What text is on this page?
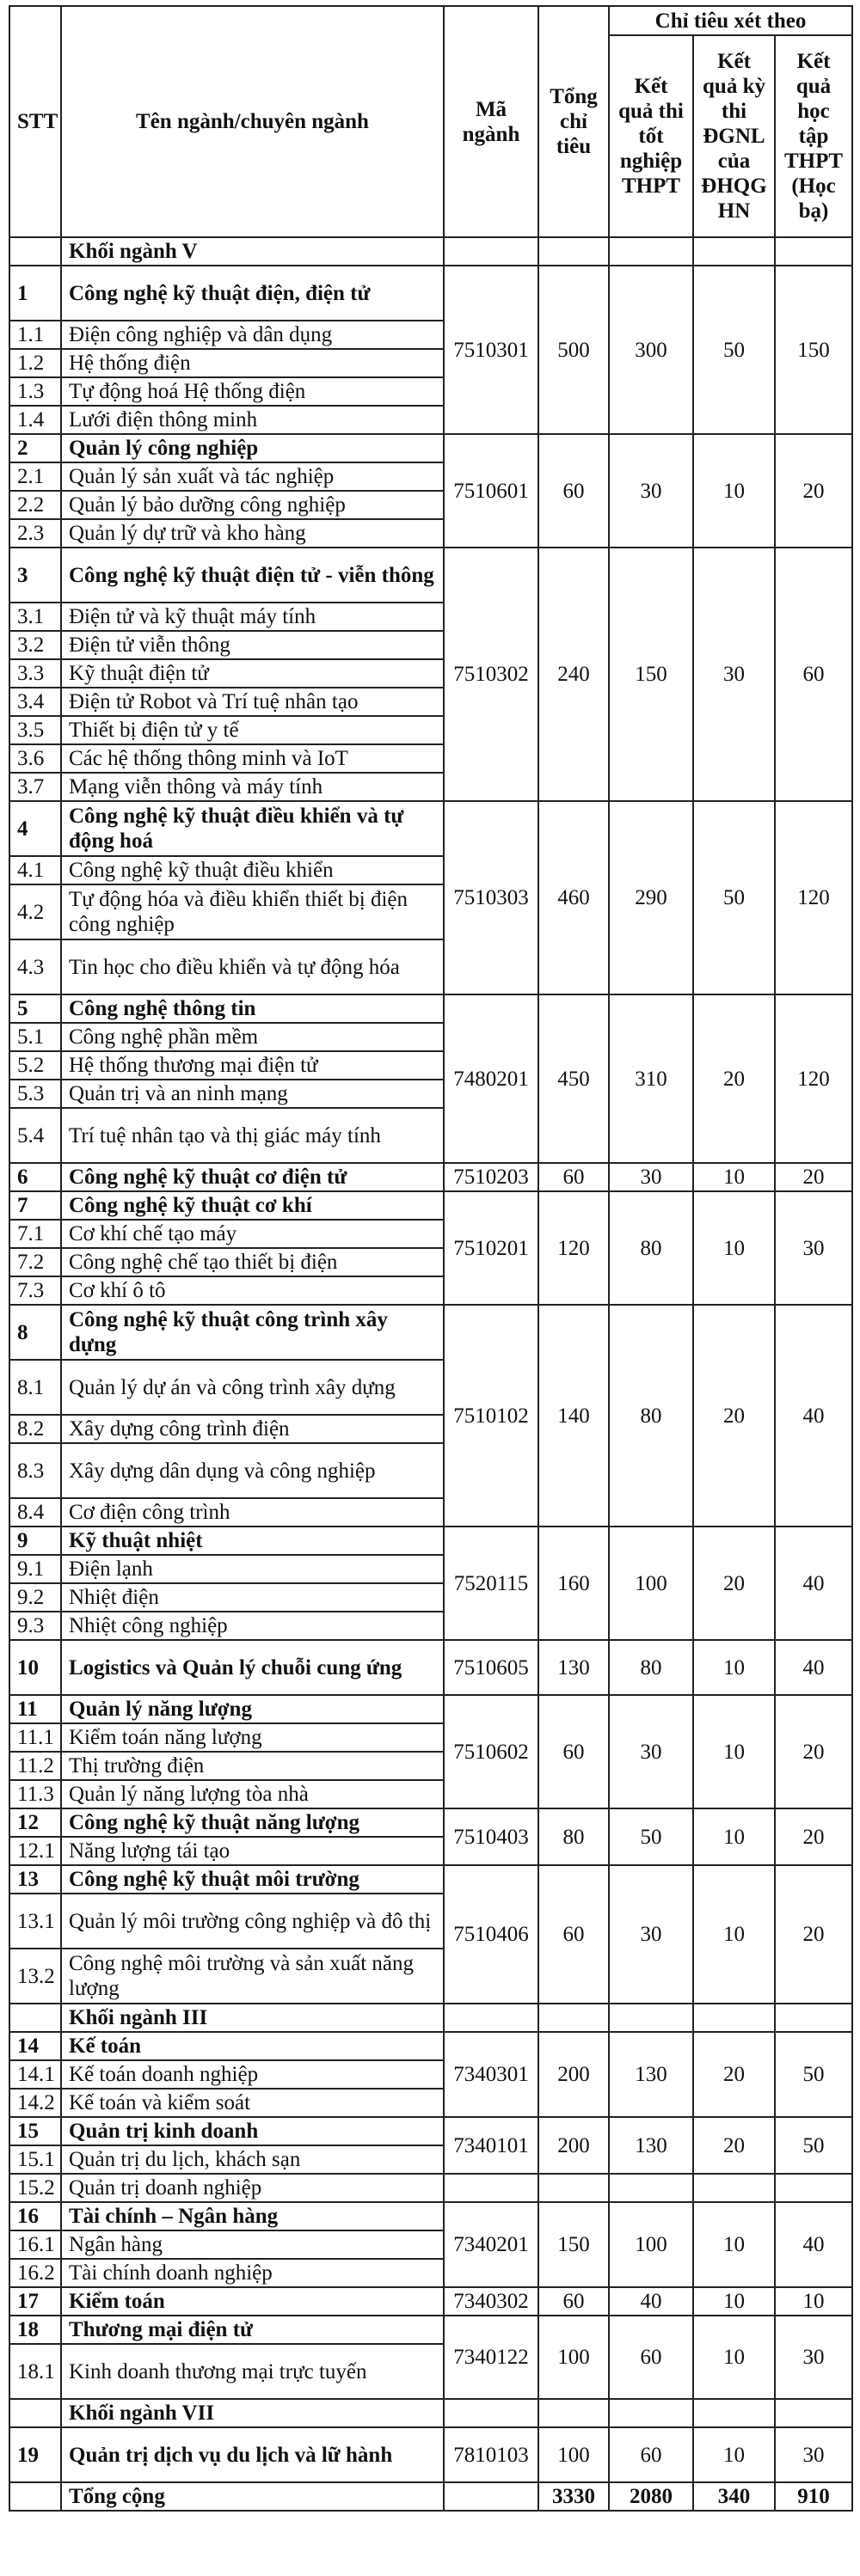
STT	Tên ngành/chuyên ngành	Mã ngành	Tổng chỉ tiêu	Chỉ tiêu xét theo		
				Kết quả thi tốt nghiệp THPT	Kết quả kỳ thi ĐGNL của ĐHQG HN	Kết quả học tập THPT (Học bạ)
	Khối ngành V					
1	Công nghệ kỹ thuật điện, điện tử	7510301	500	300	50	150
1.1	Điện công nghiệp và dân dụng					
1.2	Hệ thống điện					
1.3	Tự động hoá Hệ thống điện					
1.4	Lưới điện thông minh					
2	Quản lý công nghiệp	7510601	60	30	10	20
2.1	Quản lý sản xuất và tác nghiệp					
2.2	Quản lý bảo dưỡng công nghiệp					
2.3	Quản lý dự trữ và kho hàng					
3	Công nghệ kỹ thuật điện tử - viễn thông	7510302	240	150	30	60
3.1	Điện tử và kỹ thuật máy tính					
3.2	Điện tử viễn thông					
3.3	Kỹ thuật điện tử					
3.4	Điện tử Robot và Trí tuệ nhân tạo					
3.5	Thiết bị điện tử y tế					
3.6	Các hệ thống thông minh và IoT					
3.7	Mạng viễn thông và máy tính					
4	Công nghệ kỹ thuật điều khiển và tự động hoá	7510303	460	290	50	120
4.1	Công nghệ kỹ thuật điều khiển					
4.2	Tự động hóa và điều khiển thiết bị điện công nghiệp					
4.3	Tin học cho điều khiển và tự động hóa					
5	Công nghệ thông tin	7480201	450	310	20	120
5.1	Công nghệ phần mềm					
5.2	Hệ thống thương mại điện tử					
5.3	Quản trị và an ninh mạng					
5.4	Trí tuệ nhân tạo và thị giác máy tính					
6	Công nghệ kỹ thuật cơ điện tử	7510203	60	30	10	20
7	Công nghệ kỹ thuật cơ khí	7510201	120	80	10	30
7.1	Cơ khí chế tạo máy					
7.2	Công nghệ chế tạo thiết bị điện					
7.3	Cơ khí ô tô					
8	Công nghệ kỹ thuật công trình xây dựng	7510102	140	80	20	40
8.1	Quản lý dự án và công trình xây dựng					
8.2	Xây dựng công trình điện					
8.3	Xây dựng dân dụng và công nghiệp					
8.4	Cơ điện công trình					
9	Kỹ thuật nhiệt	7520115	160	100	20	40
9.1	Điện lạnh					
9.2	Nhiệt điện					
9.3	Nhiệt công nghiệp					
10	Logistics và Quản lý chuỗi cung ứng	7510605	130	80	10	40
11	Quản lý năng lượng	7510602	60	30	10	20
11.1	Kiểm toán năng lượng					
11.2	Thị trường điện					
11.3	Quản lý năng lượng tòa nhà					
12	Công nghệ kỹ thuật năng lượng	7510403	80	50	10	20
12.1	Năng lượng tái tạo					
13	Công nghệ kỹ thuật môi trường	7510406	60	30	10	20
13.1	Quản lý môi trường công nghiệp và đô thị					
13.2	Công nghệ môi trường và sản xuất năng lượng					
	Khối ngành III					
14	Kế toán	7340301	200	130	20	50
14.1	Kế toán doanh nghiệp					
14.2	Kế toán và kiểm soát					
15	Quản trị kinh doanh	7340101	200	130	20	50
15.1	Quản trị du lịch, khách sạn					
15.2	Quản trị doanh nghiệp					
16	Tài chính – Ngân hàng	7340201	150	100	10	40
16.1	Ngân hàng					
16.2	Tài chính doanh nghiệp					
17	Kiểm toán	7340302	60	40	10	10
18	Thương mại điện tử	7340122	100	60	10	30
18.1	Kinh doanh thương mại trực tuyến					
	Khối ngành VII					
19	Quản trị dịch vụ du lịch và lữ hành	7810103	100	60	10	30
	Tổng cộng		3330	2080	340	910
